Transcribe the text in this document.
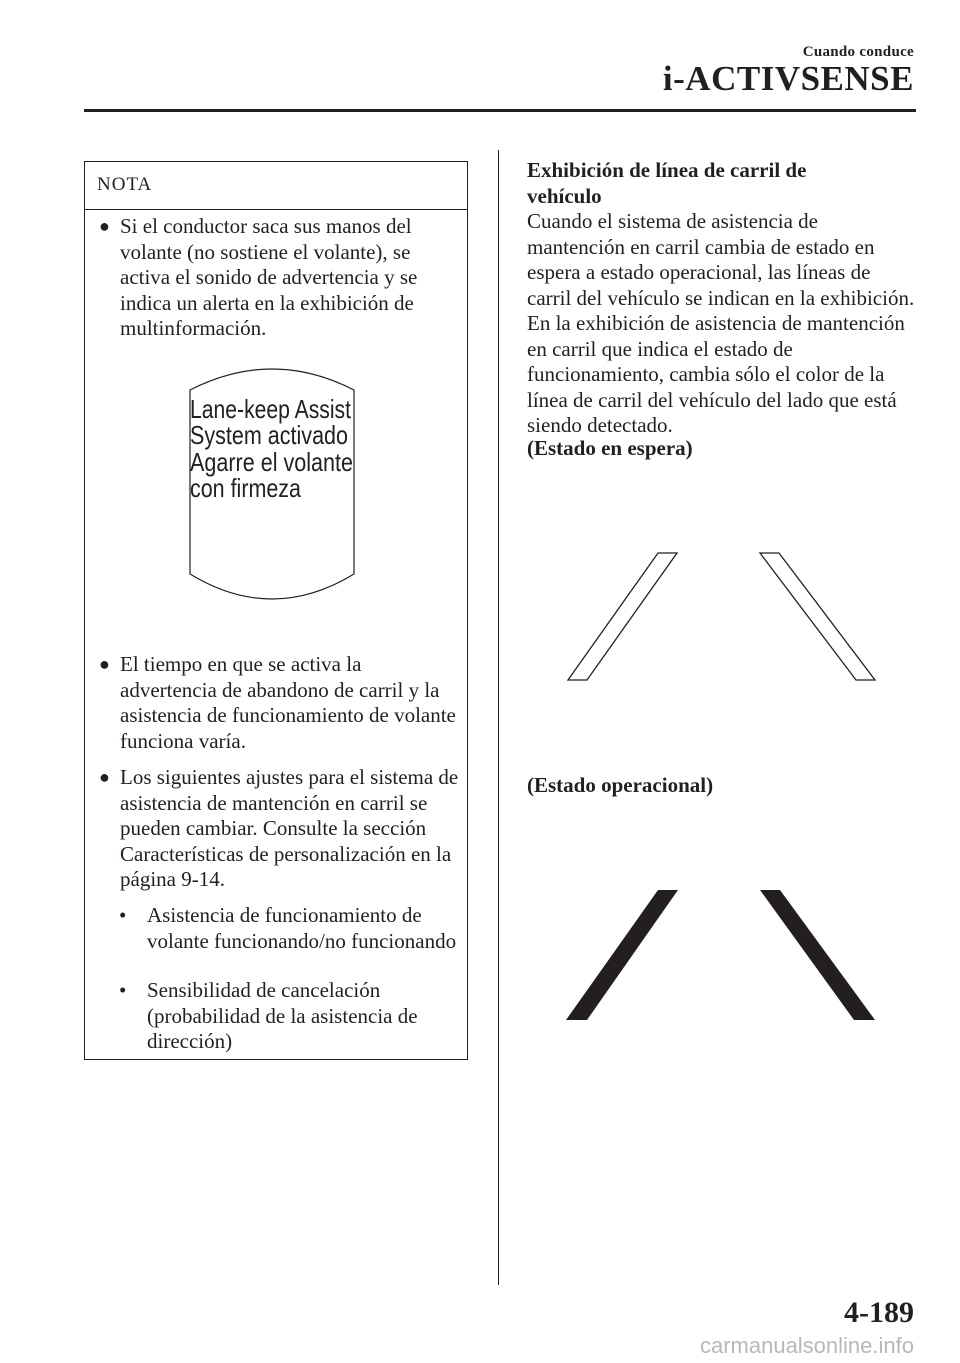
Cuando conduce
i-ACTIVSENSE
NOTA
● Si el conductor saca sus manos del volante (no sostiene el volante), se activa el sonido de advertencia y se indica un alerta en la exhibición de multinformación.
Lane-keep Assist
System activado
Agarre el volante
con firmeza
● El tiempo en que se activa la advertencia de abandono de carril y la asistencia de funcionamiento de volante funciona varía.
● Los siguientes ajustes para el sistema de asistencia de mantención en carril se pueden cambiar. Consulte la sección Características de personalización en la página 9-14.
• Asistencia de funcionamiento de volante funcionando/no funcionando
• Sensibilidad de cancelación (probabilidad de la asistencia de dirección)
Exhibición de línea de carril de
vehículo
Cuando el sistema de asistencia de mantención en carril cambia de estado en espera a estado operacional, las líneas de carril del vehículo se indican en la exhibición. En la exhibición de asistencia de mantención en carril que indica el estado de funcionamiento, cambia sólo el color de la línea de carril del vehículo del lado que está siendo detectado.
(Estado en espera)
(Estado operacional)
4-189
carmanualsonline.info
